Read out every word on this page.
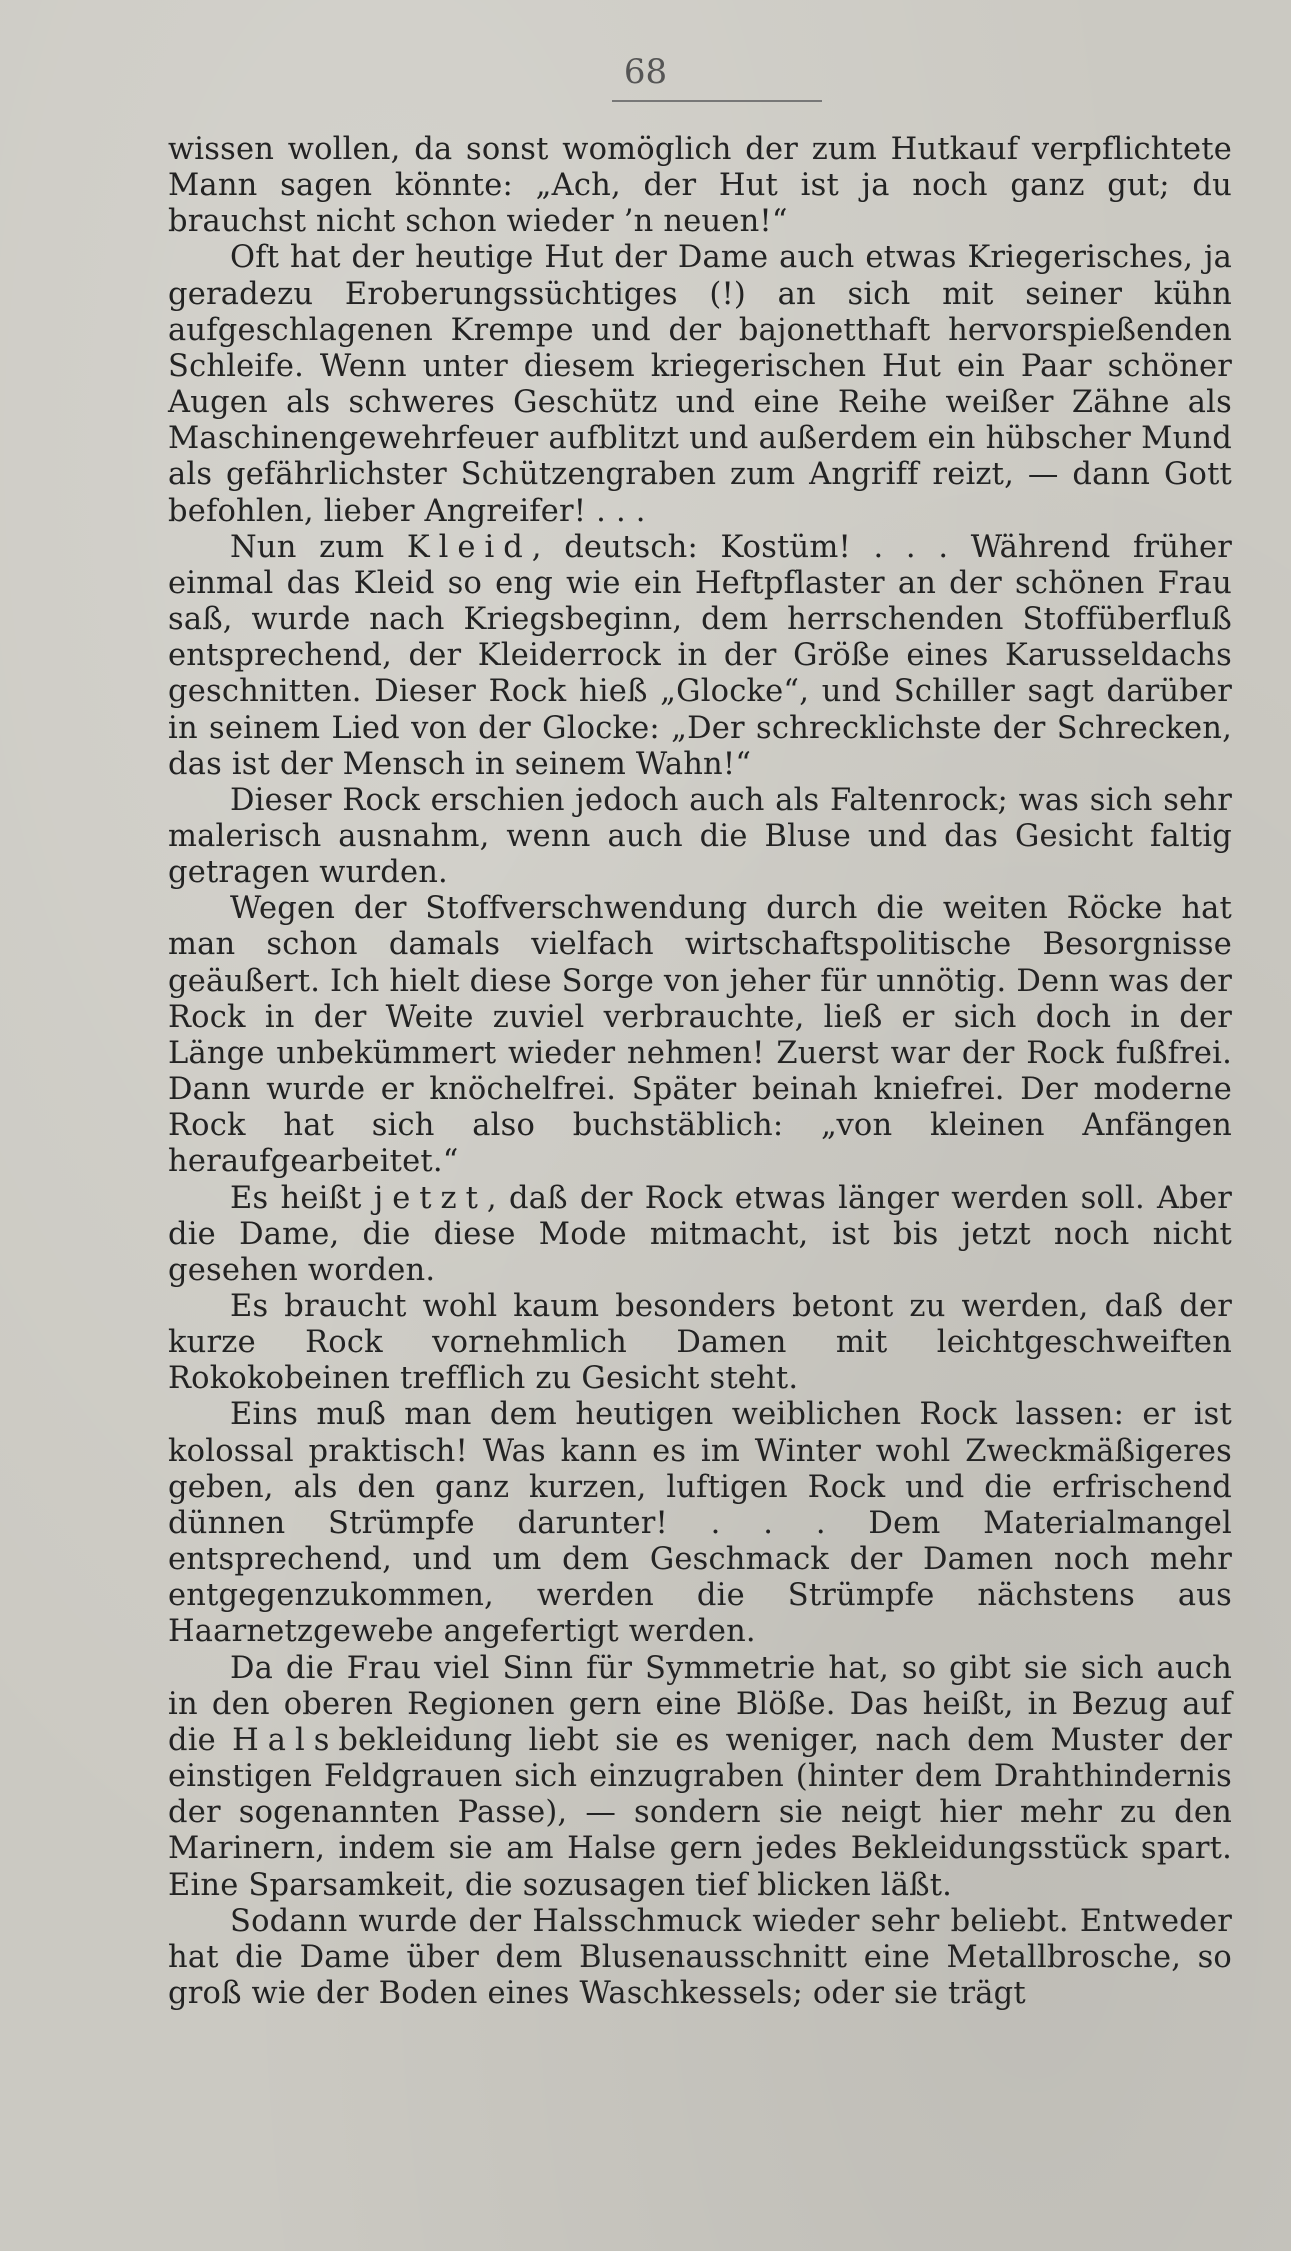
68

wissen wollen, da sonst womöglich der zum Hutkauf verpflichtete Mann sagen könnte: „Ach, der Hut ist ja noch ganz gut; du brauchst nicht schon wieder ’n neuen!“

Oft hat der heutige Hut der Dame auch etwas Kriegerisches, ja geradezu Eroberungssüchtiges (!) an sich mit seiner kühn aufgeschlagenen Krempe und der bajonetthaft hervorspießenden Schleife. Wenn unter diesem kriegerischen Hut ein Paar schöner Augen als schweres Geschütz und eine Reihe weißer Zähne als Maschinengewehrfeuer aufblitzt und außerdem ein hübscher Mund als gefährlichster Schützengraben zum Angriff reizt, — dann Gott befohlen, lieber Angreifer! . . .

Nun zum Kleid, deutsch: Kostüm! . . . Während früher einmal das Kleid so eng wie ein Heftpflaster an der schönen Frau saß, wurde nach Kriegsbeginn, dem herrschenden Stoffüberfluß entsprechend, der Kleiderrock in der Größe eines Karusseldachs geschnitten. Dieser Rock hieß „Glocke“, und Schiller sagt darüber in seinem Lied von der Glocke: „Der schrecklichste der Schrecken, das ist der Mensch in seinem Wahn!“

Dieser Rock erschien jedoch auch als Faltenrock; was sich sehr malerisch ausnahm, wenn auch die Bluse und das Gesicht faltig getragen wurden.

Wegen der Stoffverschwendung durch die weiten Röcke hat man schon damals vielfach wirtschaftspolitische Besorgnisse geäußert. Ich hielt diese Sorge von jeher für unnötig. Denn was der Rock in der Weite zuviel verbrauchte, ließ er sich doch in der Länge unbekümmert wieder nehmen! Zuerst war der Rock fußfrei. Dann wurde er knöchelfrei. Später beinah kniefrei. Der moderne Rock hat sich also buchstäblich: „von kleinen Anfängen heraufgearbeitet.“

Es heißt jetzt, daß der Rock etwas länger werden soll. Aber die Dame, die diese Mode mitmacht, ist bis jetzt noch nicht gesehen worden.

Es braucht wohl kaum besonders betont zu werden, daß der kurze Rock vornehmlich Damen mit leichtgeschweiften Rokokobeinen trefflich zu Gesicht steht.

Eins muß man dem heutigen weiblichen Rock lassen: er ist kolossal praktisch! Was kann es im Winter wohl Zweckmäßigeres geben, als den ganz kurzen, luftigen Rock und die erfrischend dünnen Strümpfe darunter! . . . Dem Materialmangel entsprechend, und um dem Geschmack der Damen noch mehr entgegenzukommen, werden die Strümpfe nächstens aus Haarnetzgewebe angefertigt werden.

Da die Frau viel Sinn für Symmetrie hat, so gibt sie sich auch in den oberen Regionen gern eine Blöße. Das heißt, in Bezug auf die Halsbekleidung liebt sie es weniger, nach dem Muster der einstigen Feldgrauen sich einzugraben (hinter dem Drahthindernis der sogenannten Passe), — sondern sie neigt hier mehr zu den Marinern, indem sie am Halse gern jedes Bekleidungsstück spart. Eine Sparsamkeit, die sozusagen tief blicken läßt.

Sodann wurde der Halsschmuck wieder sehr beliebt. Entweder hat die Dame über dem Blusenausschnitt eine Metallbrosche, so groß wie der Boden eines Waschkessels; oder sie trägt
